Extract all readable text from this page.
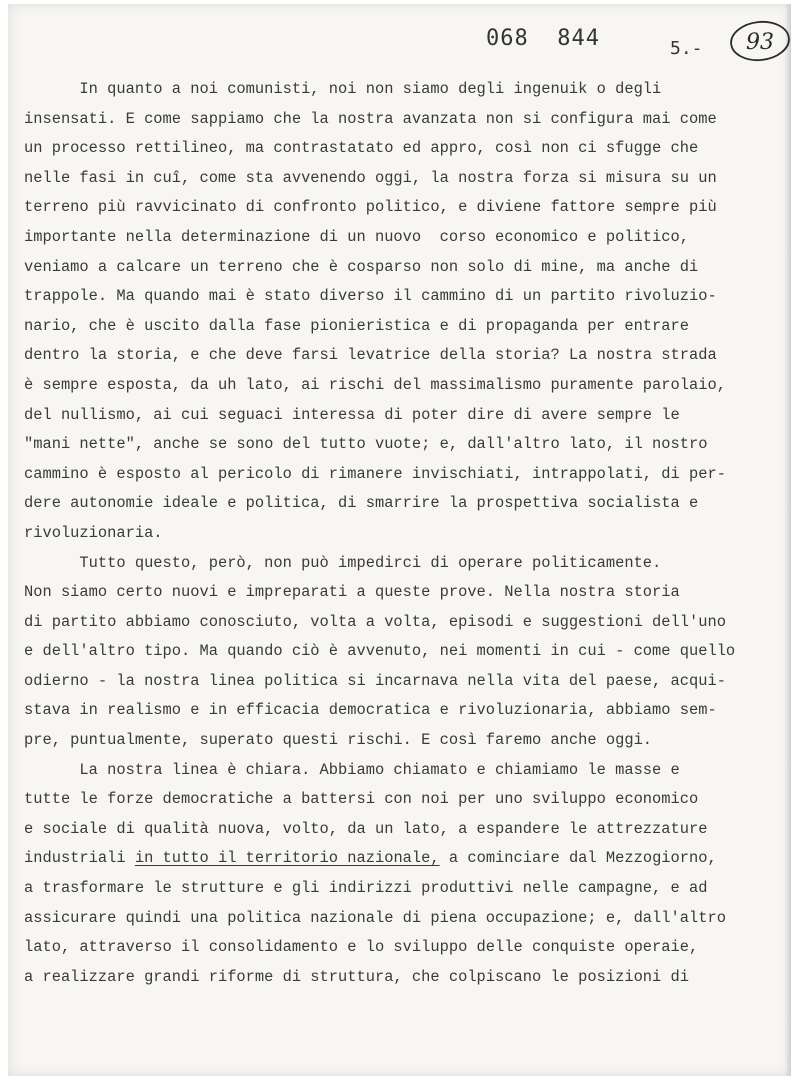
068  844	5.- 93
In quanto a noi comunisti, noi non siamo degli ingenuik o degli
insensati. E come sappiamo che la nostra avanzata non si configura mai come
un processo rettilineo, ma contrastatato ed appro, così non ci sfugge che
nelle fasi in cuî, come sta avvenendo oggi, la nostra forza si misura su un
terreno più ravvicinato di confronto politico, e diviene fattore sempre più
importante nella determinazione di un nuovo  corso economico e politico,
veniamo a calcare un terreno che è cosparso non solo di mine, ma anche di
trappole. Ma quando mai è stato diverso il cammino di un partito rivoluzio-
nario, che è uscito dalla fase pionieristica e di propaganda per entrare
dentro la storia, e che deve farsi levatrice della storia? La nostra strada
è sempre esposta, da uh lato, ai rischi del massimalismo puramente parolaio,
del nullismo, ai cui seguaci interessa di poter dire di avere sempre le
"mani nette", anche se sono del tutto vuote; e, dall'altro lato, il nostro
cammino è esposto al pericolo di rimanere invischiati, intrappolati, di per-
dere autonomie ideale e politica, di smarrire la prospettiva socialista e
rivoluzionaria.
Tutto questo, però, non può impedirci di operare politicamente.
Non siamo certo nuovi e impreparati a queste prove. Nella nostra storia
di partito abbiamo conosciuto, volta a volta, episodi e suggestioni dell'uno
e dell'altro tipo. Ma quando ciò è avvenuto, nei momenti in cui - come quello
odierno - la nostra linea politica si incarnava nella vita del paese, acqui-
stava in realismo e in efficacia democratica e rivoluzionaria, abbiamo sem-
pre, puntualmente, superato questi rischi. E così faremo anche oggi.
La nostra linea è chiara. Abbiamo chiamato e chiamiamo le masse e
tutte le forze democratiche a battersi con noi per uno sviluppo economico
e sociale di qualità nuova, volto, da un lato, a espandere le attrezzature
industriali in tutto il territorio nazionale, a cominciare dal Mezzogiorno,
a trasformare le strutture e gli indirizzi produttivi nelle campagne, e ad
assicurare quindi una politica nazionale di piena occupazione; e, dall'altro
lato, attraverso il consolidamento e lo sviluppo delle conquiste operaie,
a realizzare grandi riforme di struttura, che colpiscano le posizioni di
